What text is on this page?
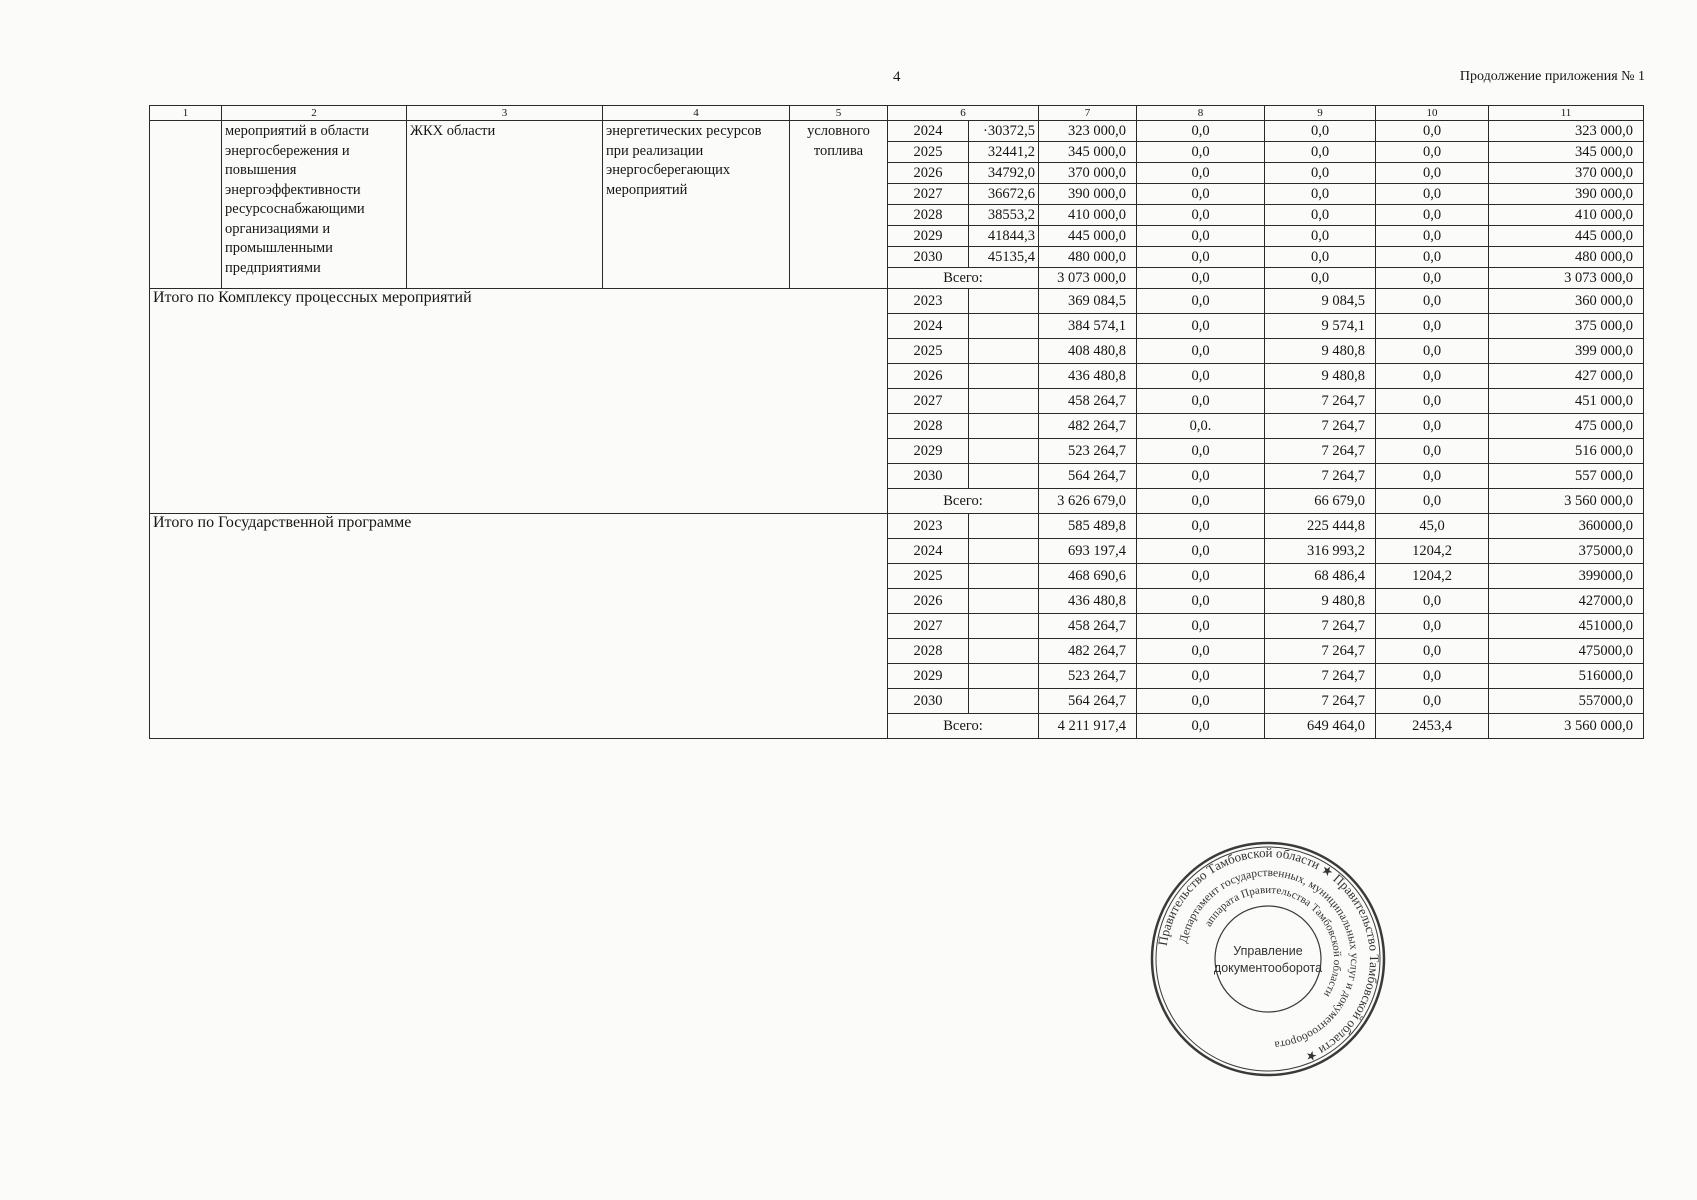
4	Продолжение приложения № 1
1	2	3	4	5	6		7	8	9	10	11
	мероприятий в области энергосбережения и повышения энергоэффективности ресурсоснабжающими организациями и промышленными предприятиями	ЖКХ области	энергетических ресурсов при реализации энергосберегающих мероприятий	условного топлива	2024	·30372,5	323 000,0	0,0	0,0	0,0	323 000,0
					2025	32441,2	345 000,0	0,0	0,0	0,0	345 000,0
					2026	34792,0	370 000,0	0,0	0,0	0,0	370 000,0
					2027	36672,6	390 000,0	0,0	0,0	0,0	390 000,0
					2028	38553,2	410 000,0	0,0	0,0	0,0	410 000,0
					2029	41844,3	445 000,0	0,0	0,0	0,0	445 000,0
					2030	45135,4	480 000,0	0,0	0,0	0,0	480 000,0
					Всего:		3 073 000,0	0,0	0,0	0,0	3 073 000,0
Итого по Комплексу процессных мероприятий					2023		369 084,5	0,0	9 084,5	0,0	360 000,0
					2024		384 574,1	0,0	9 574,1	0,0	375 000,0
					2025		408 480,8	0,0	9 480,8	0,0	399 000,0
					2026		436 480,8	0,0	9 480,8	0,0	427 000,0
					2027		458 264,7	0,0	7 264,7	0,0	451 000,0
					2028		482 264,7	0,0.	7 264,7	0,0	475 000,0
					2029		523 264,7	0,0	7 264,7	0,0	516 000,0
					2030		564 264,7	0,0	7 264,7	0,0	557 000,0
					Всего:		3 626 679,0	0,0	66 679,0	0,0	3 560 000,0
Итого по Государственной программе					2023		585 489,8	0,0	225 444,8	45,0	360000,0
					2024		693 197,4	0,0	316 993,2	1204,2	375000,0
					2025		468 690,6	0,0	68 486,4	1204,2	399000,0
					2026		436 480,8	0,0	9 480,8	0,0	427000,0
					2027		458 264,7	0,0	7 264,7	0,0	451000,0
					2028		482 264,7	0,0	7 264,7	0,0	475000,0
					2029		523 264,7	0,0	7 264,7	0,0	516000,0
					2030		564 264,7	0,0	7 264,7	0,0	557000,0
					Всего:		4 211 917,4	0,0	649 464,0	2453,4	3 560 000,0
Правительство Тамбовской области ★ Правительство Тамбовской области ★
Департамент государственных, муниципальных услуг и документооборота
аппарата Правительства Тамбовской области
Управление
документооборота
